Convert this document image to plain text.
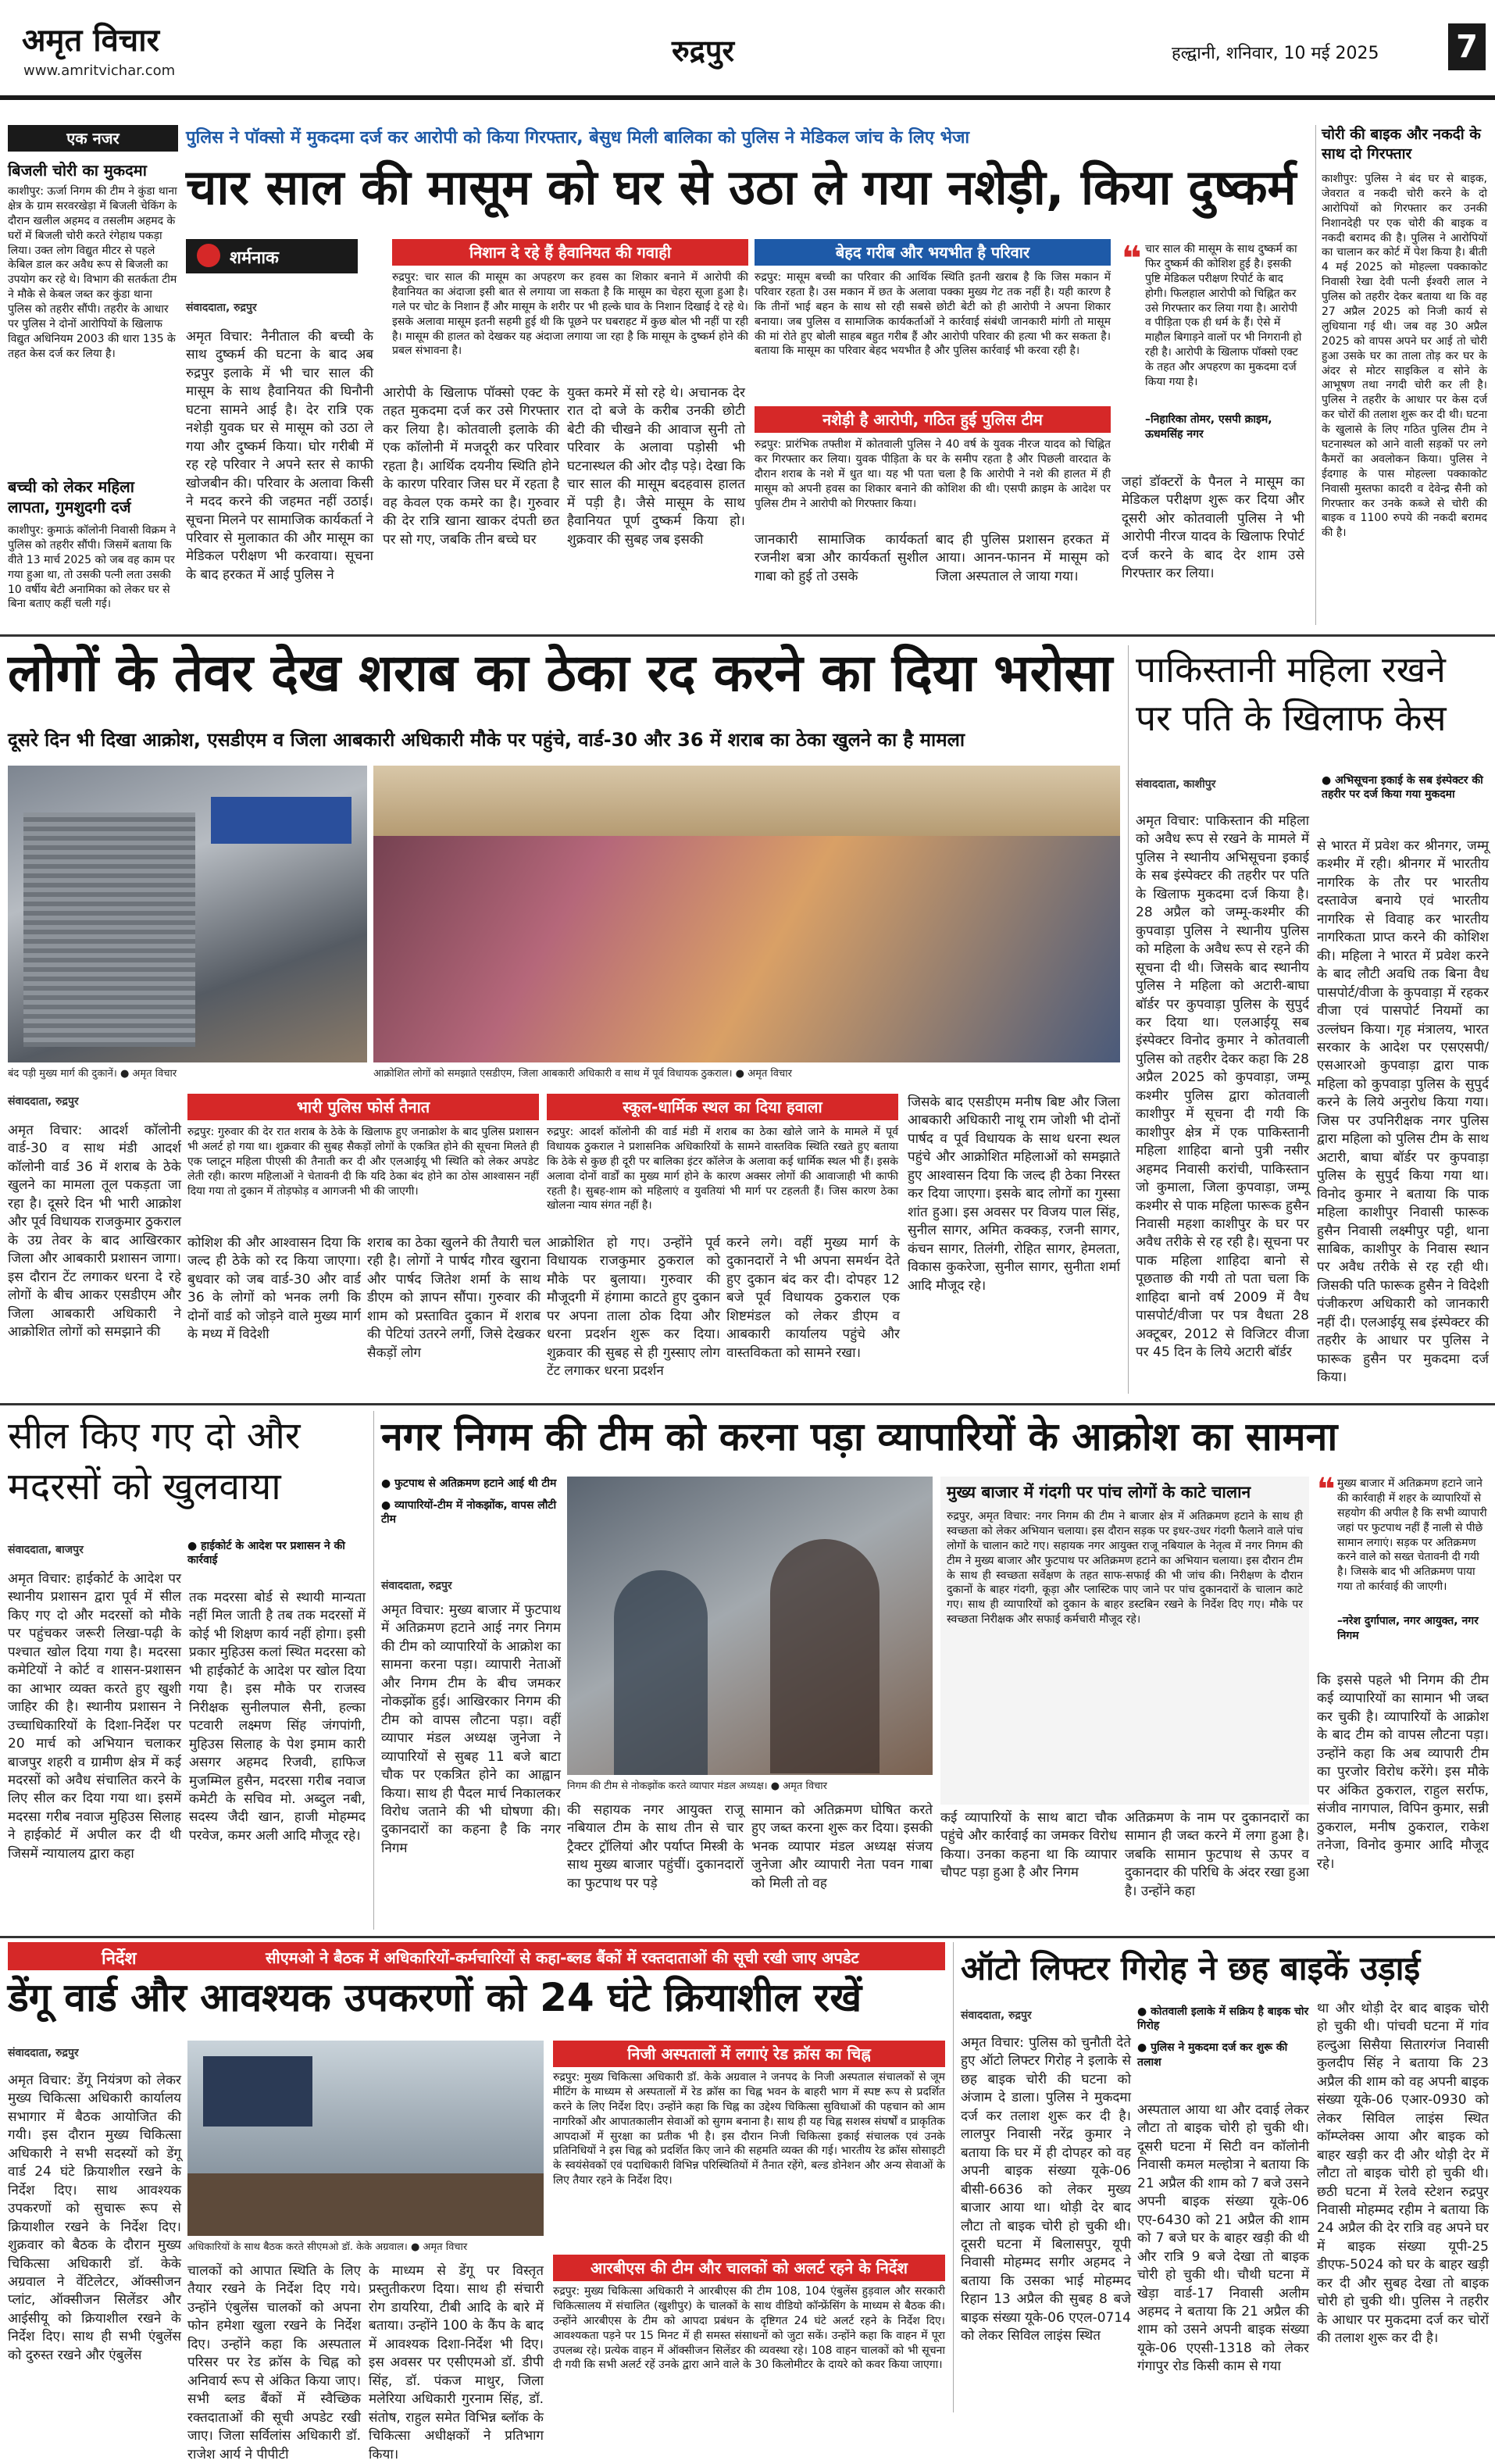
अमृत विचार
www.amritvichar.com
रुद्रपुर	हल्द्वानी, शनिवार, 10 मई 2025 7
एक नजर
बिजली चोरी का मुकदमा
काशीपुर: ऊर्जा निगम की टीम ने कुंडा थाना क्षेत्र के ग्राम सरवरखेड़ा में बिजली चेकिंग के दौरान खलील अहमद व तसलीम अहमद के घरों में बिजली चोरी करते रंगेहाथ पकड़ा लिया। उक्त लोग विद्युत मीटर से पहले केबिल डाल कर अवैध रूप से बिजली का उपयोग कर रहे थे। विभाग की सतर्कता टीम ने मौके से केबल जब्त कर कुंडा थाना पुलिस को तहरीर सौंपी। तहरीर के आधार पर पुलिस ने दोनों आरोपियों के खिलाफ विद्युत अधिनियम 2003 की धारा 135 के तहत केस दर्ज कर लिया है।
बच्ची को लेकर महिला लापता, गुमशुदगी दर्ज
काशीपुर: कुमाऊं कॉलोनी निवासी विक्रम ने पुलिस को तहरीर सौंपी। जिसमें बताया कि वीते 13 मार्च 2025 को जब वह काम पर गया हुआ था, तो उसकी पत्नी लता उसकी 10 वर्षीय बेटी अनामिका को लेकर घर से बिना बताए कहीं चली गई।
पुलिस ने पॉक्सो में मुकदमा दर्ज कर आरोपी को किया गिरफ्तार, बेसुध मिली बालिका को पुलिस ने मेडिकल जांच के लिए भेजा
चार साल की मासूम को घर से उठा ले गया नशेड़ी, किया दुष्कर्म
शर्मनाक
संवाददाता, रुद्रपुर
निशान दे रहे हैं हैवानियत की गवाही
रुद्रपुर: चार साल की मासूम का अपहरण कर हवस का शिकार बनाने में आरोपी की हैवानियत का अंदाजा इसी बात से लगाया जा सकता है कि मासूम का चेहरा सूजा हुआ है। गले पर चोट के निशान हैं और मासूम के शरीर पर भी हल्के घाव के निशान दिखाई दे रहे थे। इसके अलावा मासूम इतनी सहमी हुई थी कि पूछने पर घबराहट में कुछ बोल भी नहीं पा रही है। मासूम की हालत को देखकर यह अंदाजा लगाया जा रहा है कि मासूम के दुष्कर्म होने की प्रबल संभावना है।
बेहद गरीब और भयभीत है परिवार
रुद्रपुर: मासूम बच्ची का परिवार की आर्थिक स्थिति इतनी खराब है कि जिस मकान में परिवार रहता है। उस मकान में छत के अलावा पक्का मुख्य गेट तक नहीं है। यही कारण है कि तीनों भाई बहन के साथ सो रही सबसे छोटी बेटी को ही आरोपी ने अपना शिकार बनाया। जब पुलिस व सामाजिक कार्यकर्ताओं ने कार्रवाई संबंधी जानकारी मांगी तो मासूम की मां रोते हुए बोली साहब बहुत गरीब हैं और आरोपी परिवार की हत्या भी कर सकता है। बताया कि मासूम का परिवार बेहद भयभीत है और पुलिस कार्रवाई भी करवा रही है।
नशेड़ी है आरोपी, गठित हुई पुलिस टीम
रुद्रपुर: प्रारंभिक तफ्तीश में कोतवाली पुलिस ने 40 वर्ष के युवक नीरज यादव को चिह्नित कर गिरफ्तार कर लिया। युवक पीड़िता के घर के समीप रहता है और पिछली वारदात के दौरान शराब के नशे में धुत था। यह भी पता चला है कि आरोपी ने नशे की हालत में ही मासूम को अपनी हवस का शिकार बनाने की कोशिश की थी। एसपी क्राइम के आदेश पर पुलिस टीम ने आरोपी को गिरफ्तार किया।
अमृत विचार: नैनीताल की बच्ची के साथ दुष्कर्म की घटना के बाद अब रुद्रपुर इलाके में भी चार साल की मासूम के साथ हैवानियत की घिनौनी घटना सामने आई है। देर रात्रि एक नशेड़ी युवक घर से मासूम को उठा ले गया और दुष्कर्म किया। घोर गरीबी में रह रहे परिवार ने अपने स्तर से काफी खोजबीन की। परिवार के अलावा किसी ने मदद करने की जहमत नहीं उठाई। सूचना मिलने पर सामाजिक कार्यकर्ता ने परिवार से मुलाकात की और मासूम का मेडिकल परीक्षण भी करवाया। सूचना के बाद हरकत में आई पुलिस ने
आरोपी के खिलाफ पॉक्सो एक्ट के तहत मुकदमा दर्ज कर उसे गिरफ्तार कर लिया है। कोतवाली इलाके की एक कॉलोनी में मजदूरी कर परिवार रहता है। आर्थिक दयनीय स्थिति होने के कारण परिवार जिस घर में रहता है वह केवल एक कमरे का है। गुरुवार की देर रात्रि खाना खाकर दंपती छत पर सो गए, जबकि तीन बच्चे घर
युक्त कमरे में सो रहे थे। अचानक देर रात दो बजे के करीब उनकी छोटी बेटी की चीखने की आवाज सुनी तो परिवार के अलावा पड़ोसी भी घटनास्थल की ओर दौड़ पड़े। देखा कि चार साल की मासूम बदहवास हालत में पड़ी है। जैसे मासूम के साथ हैवानियत पूर्ण दुष्कर्म किया हो। शुक्रवार की सुबह जब इसकी	जानकारी सामाजिक कार्यकर्ता रजनीश बत्रा और कार्यकर्ता सुशील गाबा को हुई तो उसके
बाद ही पुलिस प्रशासन हरकत में आया। आनन-फानन में मासूम को जिला अस्पताल ले जाया गया।
❝ चार साल की मासूम के साथ दुष्कर्म का फिर दुष्कर्म की कोशिश हुई है। इसकी पुष्टि मेडिकल परीक्षण रिपोर्ट के बाद होगी। फिलहाल आरोपी को चिह्नित कर उसे गिरफ्तार कर लिया गया है। आरोपी व पीड़िता एक ही धर्म के हैं। ऐसे में माहौल बिगाड़ने वालों पर भी निगरानी हो रही है। आरोपी के खिलाफ पॉक्सो एक्ट के तहत और अपहरण का मुकदमा दर्ज किया गया है।
–निहारिका तोमर, एसपी क्राइम, ऊधमसिंह नगर
जहां डॉक्टरों के पैनल ने मासूम का मेडिकल परीक्षण शुरू कर दिया और दूसरी ओर कोतवाली पुलिस ने भी आरोपी नीरज यादव के खिलाफ रिपोर्ट दर्ज करने के बाद देर शाम उसे गिरफ्तार कर लिया।
चोरी की बाइक और नकदी के साथ दो गिरफ्तार
काशीपुर: पुलिस ने बंद घर से बाइक, जेवरात व नकदी चोरी करने के दो आरोपियों को गिरफ्तार कर उनकी निशानदेही पर एक चोरी की बाइक व नकदी बरामद की है। पुलिस ने आरोपियों का चालान कर कोर्ट में पेश किया है। बीती 4 मई 2025 को मोहल्ला पक्काकोट निवासी रेखा देवी पत्नी ईश्वरी लाल ने पुलिस को तहरीर देकर बताया था कि वह 27 अप्रैल 2025 को निजी कार्य से लुधियाना गई थी। जब वह 30 अप्रैल 2025 को वापस अपने घर आई तो चोरी हुआ उसके घर का ताला तोड़ कर घर के अंदर से मोटर साइकिल व सोने के आभूषण तथा नगदी चोरी कर ली है। पुलिस ने तहरीर के आधार पर केस दर्ज कर चोरों की तलाश शुरू कर दी थी। घटना के खुलासे के लिए गठित पुलिस टीम ने घटनास्थल को आने वाली सड़कों पर लगे कैमरों का अवलोकन किया। पुलिस ने ईदगाह के पास मोहल्ला पक्काकोट निवासी मुस्तफा कादरी व देवेन्द्र सैनी को गिरफ्तार कर उनके कब्जे से चोरी की बाइक व 1100 रुपये की नकदी बरामद की है।
लोगों के तेवर देख शराब का ठेका रद करने का दिया भरोसा
दूसरे दिन भी दिखा आक्रोश, एसडीएम व जिला आबकारी अधिकारी मौके पर पहुंचे, वार्ड-30 और 36 में शराब का ठेका खुलने का है मामला
बंद पड़ी मुख्य मार्ग की दुकानें। ● अमृत विचार	आक्रोशित लोगों को समझाते एसडीएम, जिला आबकारी अधिकारी व साथ में पूर्व विधायक ठुकराल। ● अमृत विचार
संवाददाता, रुद्रपुर	भारी पुलिस फोर्स तैनात
रुद्रपुर: गुरुवार की देर रात शराब के ठेके के खिलाफ हुए जनाक्रोश के बाद पुलिस प्रशासन भी अलर्ट हो गया था। शुक्रवार की सुबह सैकड़ों लोगों के एकत्रित होने की सूचना मिलते ही एक प्लाटून महिला पीएसी की तैनाती कर दी और एलआईयू भी स्थिति को लेकर अपडेट लेती रही। कारण महिलाओं ने चेतावनी दी कि यदि ठेका बंद होने का ठोस आश्वासन नहीं दिया गया तो दुकान में तोड़फोड़ व आगजनी भी की जाएगी।
स्कूल-धार्मिक स्थल का दिया हवाला
रुद्रपुर: आदर्श कॉलोनी की वार्ड मंडी में शराब का ठेका खोले जाने के मामले में पूर्व विधायक ठुकराल ने प्रशासनिक अधिकारियों के सामने वास्तविक स्थिति रखते हुए बताया कि ठेके से कुछ ही दूरी पर बालिका इंटर कॉलेज के अलावा कई धार्मिक स्थल भी हैं। इसके अलावा दोनों वार्डों का मुख्य मार्ग होने के कारण अक्सर लोगों की आवाजाही भी काफी रहती है। सुबह-शाम को महिलाएं व युवतियां भी मार्ग पर टहलती हैं। जिस कारण ठेका खोलना न्याय संगत नहीं है।
अमृत विचार: आदर्श कॉलोनी वार्ड-30 व साथ मंडी आदर्श कॉलोनी वार्ड 36 में शराब के ठेके खुलने का मामला तूल पकड़ता जा रहा है। दूसरे दिन भी भारी आक्रोश और पूर्व विधायक राजकुमार ठुकराल के उग्र तेवर के बाद आखिरकार जिला और आबकारी प्रशासन जागा। इस दौरान टेंट लगाकर धरना दे रहे लोगों के बीच आकर एसडीएम और जिला आबकारी अधिकारी ने आक्रोशित लोगों को समझाने की
कोशिश की और आश्वासन दिया कि जल्द ही ठेके को रद किया जाएगा। बुधवार को जब वार्ड-30 और वार्ड 36 के लोगों को भनक लगी कि दोनों वार्ड को जोड़ने वाले मुख्य मार्ग के मध्य में विदेशी
शराब का ठेका खुलने की तैयारी चल रही है। लोगों ने पार्षद गौरव खुराना और पार्षद जितेश शर्मा के साथ डीएम को ज्ञापन सौंपा। गुरुवार की शाम को प्रस्तावित दुकान में शराब की पेटियां उतरने लगीं, जिसे देखकर सैकड़ों लोग
आक्रोशित हो गए। उन्होंने पूर्व विधायक राजकुमार ठुकराल को मौके पर बुलाया। गुरुवार की मौजूदगी में हंगामा काटते हुए दुकान पर अपना ताला ठोक दिया और धरना प्रदर्शन शुरू कर दिया। शुक्रवार की सुबह से ही गुस्साए लोग टेंट लगाकर धरना प्रदर्शन
करने लगे। वहीं मुख्य मार्ग के दुकानदारों ने भी अपना समर्थन देते हुए दुकान बंद कर दी। दोपहर 12 बजे पूर्व विधायक ठुकराल एक शिष्टमंडल को लेकर डीएम व आबकारी कार्यालय पहुंचे और वास्तविकता को सामने रखा।
जिसके बाद एसडीएम मनीष बिष्ट और जिला आबकारी अधिकारी नाथू राम जोशी भी दोनों पार्षद व पूर्व विधायक के साथ धरना स्थल पहुंचे और आक्रोशित महिलाओं को समझाते हुए आश्वासन दिया कि जल्द ही ठेका निरस्त कर दिया जाएगा। इसके बाद लोगों का गुस्सा शांत हुआ। इस अवसर पर विजय पाल सिंह, सुनील सागर, अमित कक्कड़, रजनी सागर, कंचन सागर, तिलंगी, रोहित सागर, हेमलता, विकास कुकरेजा, सुनील सागर, सुनीता शर्मा आदि मौजूद रहे।
पाकिस्तानी महिला रखने पर पति के खिलाफ केस
संवाददाता, काशीपुर	● अभिसूचना इकाई के सब इंस्पेक्टर की तहरीर पर दर्ज किया गया मुकदमा
अमृत विचार: पाकिस्तान की महिला को अवैध रूप से रखने के मामले में पुलिस ने स्थानीय अभिसूचना इकाई के सब इंस्पेक्टर की तहरीर पर पति के खिलाफ मुकदमा दर्ज किया है। 28 अप्रैल को जम्मू-कश्मीर की कुपवाड़ा पुलिस ने स्थानीय पुलिस को महिला के अवैध रूप से रहने की सूचना दी थी। जिसके बाद स्थानीय पुलिस ने महिला को अटारी-बाघा बॉर्डर पर कुपवाड़ा पुलिस के सुपुर्द कर दिया था। एलआईयू सब इंस्पेक्टर विनोद कुमार ने कोतवाली पुलिस को तहरीर देकर कहा कि 28 अप्रैल 2025 को कुपवाड़ा, जम्मू कश्मीर पुलिस द्वारा कोतवाली काशीपुर में सूचना दी गयी कि काशीपुर क्षेत्र में एक पाकिस्तानी महिला शाहिदा बानो पुत्री नसीर अहमद निवासी करांची, पाकिस्तान जो कुमाला, जिला कुपवाड़ा, जम्मू कश्मीर से पाक महिला फारूक हुसैन निवासी महशा काशीपुर के घर पर अवैध तरीके से रह रही है। सूचना पर पाक महिला शाहिदा बानो से पूछताछ की गयी तो पता चला कि शाहिदा बानो वर्ष 2009 में वैध पासपोर्ट/वीजा पर पत्र वैधता 28 अक्टूबर, 2012 से विजिटर वीजा पर 45 दिन के लिये अटारी बॉर्डर
से भारत में प्रवेश कर श्रीनगर, जम्मू कश्मीर में रही। श्रीनगर में भारतीय नागरिक के तौर पर भारतीय दस्तावेज बनाये एवं भारतीय नागरिक से विवाह कर भारतीय नागरिकता प्राप्त करने की कोशिश की। महिला ने भारत में प्रवेश करने के बाद लौटी अवधि तक बिना वैध पासपोर्ट/वीजा के कुपवाड़ा में रहकर वीजा एवं पासपोर्ट नियमों का उल्लंघन किया। गृह मंत्रालय, भारत सरकार के आदेश पर एसएसपी/एसआरओ कुपवाड़ा द्वारा पाक महिला को कुपवाड़ा पुलिस के सुपुर्द करने के लिये अनुरोध किया गया। जिस पर उपनिरीक्षक नगर पुलिस द्वारा महिला को पुलिस टीम के साथ अटारी, बाघा बॉर्डर पर कुपवाड़ा पुलिस के सुपुर्द किया गया था। विनोद कुमार ने बताया कि पाक महिला काशीपुर निवासी फारूक हुसैन निवासी लक्ष्मीपुर पट्टी, थाना साबिक, काशीपुर के निवास स्थान पर अवैध तरीके से रह रही थी। जिसकी पति फारूक हुसैन ने विदेशी पंजीकरण अधिकारी को जानकारी नहीं दी। एलआईयू सब इंस्पेक्टर की तहरीर के आधार पर पुलिस ने फारूक हुसैन पर मुकदमा दर्ज किया।
सील किए गए दो और मदरसों को खुलवाया
संवाददाता, बाजपुर	● हाईकोर्ट के आदेश पर प्रशासन ने की कार्रवाई
अमृत विचार: हाईकोर्ट के आदेश पर स्थानीय प्रशासन द्वारा पूर्व में सील किए गए दो और मदरसों को मौके पर पहुंचकर जरूरी लिखा-पढ़ी के पश्चात खोल दिया गया है। मदरसा कमेटियों ने कोर्ट व शासन-प्रशासन का आभार व्यक्त करते हुए खुशी जाहिर की है। स्थानीय प्रशासन ने उच्चाधिकारियों के दिशा-निर्देश पर 20 मार्च को अभियान चलाकर बाजपुर शहरी व ग्रामीण क्षेत्र में कई मदरसों को अवैध संचालित करने के लिए सील कर दिया गया था। इसमें मदरसा गरीब नवाज मुहिउस सिलाह ने हाईकोर्ट में अपील कर दी थी जिसमें न्यायालय द्वारा कहा
तक मदरसा बोर्ड से स्थायी मान्यता नहीं मिल जाती है तब तक मदरसों में कोई भी शिक्षण कार्य नहीं होगा। इसी प्रकार मुहिउस कलां स्थित मदरसा को भी हाईकोर्ट के आदेश पर खोल दिया गया है। इस मौके पर राजस्व निरीक्षक सुनीलपाल सैनी, हल्का पटवारी लक्ष्मण सिंह जंगपांगी, मुहिउस सिलाह के पेश इमाम कारी असगर अहमद रिजवी, हाफिज मुजम्मिल हुसैन, मदरसा गरीब नवाज कमेटी के सचिव मो. अब्दुल नबी, सदस्य जैदी खान, हाजी मोहम्मद परवेज, कमर अली आदि मौजूद रहे।
नगर निगम की टीम को करना पड़ा व्यापारियों के आक्रोश का सामना
● फुटपाथ से अतिक्रमण हटाने आई थी टीम
● व्यापारियों-टीम में नोकझोंक, वापस लौटी टीम
संवाददाता, रुद्रपुर
अमृत विचार: मुख्य बाजार में फुटपाथ में अतिक्रमण हटाने आई नगर निगम की टीम को व्यापारियों के आक्रोश का सामना करना पड़ा। व्यापारी नेताओं और निगम टीम के बीच जमकर नोकझोंक हुई। आखिरकार निगम की टीम को वापस लौटना पड़ा। वहीं व्यापार मंडल अध्यक्ष जुनेजा ने व्यापारियों से सुबह 11 बजे बाटा चौक पर एकत्रित होने का आह्वान किया। साथ ही पैदल मार्च निकालकर विरोध जताने की भी घोषणा की। दुकानदारों का कहना है कि नगर निगम
निगम की टीम से नोकझोंक करते व्यापार मंडल अध्यक्ष। ● अमृत विचार
की सहायक नगर आयुक्त राजू नबियाल टीम के साथ तीन से चार ट्रैक्टर ट्रॉलियां और पर्याप्त मिस्त्री के साथ मुख्य बाजार पहुंचीं। दुकानदारों का फुटपाथ पर पड़े
सामान को अतिक्रमण घोषित करते हुए जब्त करना शुरू कर दिया। इसकी भनक व्यापार मंडल अध्यक्ष संजय जुनेजा और व्यापारी नेता पवन गाबा को मिली तो वह
मुख्य बाजार में गंदगी पर पांच लोगों के काटे चालान
रुद्रपुर, अमृत विचार: नगर निगम की टीम ने बाजार क्षेत्र में अतिक्रमण हटाने के साथ ही स्वच्छता को लेकर अभियान चलाया। इस दौरान सड़क पर इधर-उधर गंदगी फैलाने वाले पांच लोगों के चालान काटे गए। सहायक नगर आयुक्त राजू नबियाल के नेतृत्व में नगर निगम की टीम ने मुख्य बाजार और फुटपाथ पर अतिक्रमण हटाने का अभियान चलाया। इस दौरान टीम के साथ ही स्वच्छता सर्वेक्षण के तहत साफ-सफाई की भी जांच की। निरीक्षण के दौरान दुकानों के बाहर गंदगी, कूड़ा और प्लास्टिक पाए जाने पर पांच दुकानदारों के चालान काटे गए। साथ ही व्यापारियों को दुकान के बाहर डस्टबिन रखने के निर्देश दिए गए। मौके पर स्वच्छता निरीक्षक और सफाई कर्मचारी मौजूद रहे।
कई व्यापारियों के साथ बाटा चौक पहुंचे और कार्रवाई का जमकर विरोध किया। उनका कहना था कि व्यापार चौपट पड़ा हुआ है और निगम
अतिक्रमण के नाम पर दुकानदारों का सामान ही जब्त करने में लगा हुआ है। जबकि सामान फुटपाथ से ऊपर व दुकानदार की परिधि के अंदर रखा हुआ है। उन्होंने कहा
❝ मुख्य बाजार में अतिक्रमण हटाने जाने की कार्रवाही में शहर के व्यापारियों से सहयोग की अपील है कि सभी व्यापारी जहां पर फुटपाथ नहीं हैं नाली से पीछे सामान लगाएं। सड़क पर अतिक्रमण करने वाले को सख्त चेतावनी दी गयी है। जिसके बाद भी अतिक्रमण पाया गया तो कार्रवाई की जाएगी।
–नरेश दुर्गापाल, नगर आयुक्त, नगर निगम
कि इससे पहले भी निगम की टीम कई व्यापारियों का सामान भी जब्त कर चुकी है। व्यापारियों के आक्रोश के बाद टीम को वापस लौटना पड़ा। उन्होंने कहा कि अब व्यापारी टीम का पुरजोर विरोध करेंगे। इस मौके पर अंकित ठुकराल, राहुल सर्राफ, संजीव नागपाल, विपिन कुमार, सन्नी ठुकराल, मनीष ठुकराल, राकेश तनेजा, विनोद कुमार आदि मौजूद रहे।
निर्देश	सीएमओ ने बैठक में अधिकारियों-कर्मचारियों से कहा-ब्लड बैंकों में रक्तदाताओं की सूची रखी जाए अपडेट
डेंगू वार्ड और आवश्यक उपकरणों को 24 घंटे क्रियाशील रखें
संवाददाता, रुद्रपुर
अधिकारियों के साथ बैठक करते सीएमओ डॉ. केके अग्रवाल। ● अमृत विचार
अमृत विचार: डेंगू नियंत्रण को लेकर मुख्य चिकित्सा अधिकारी कार्यालय सभागार में बैठक आयोजित की गयी। इस दौरान मुख्य चिकित्सा अधिकारी ने सभी सदस्यों को डेंगू वार्ड 24 घंटे क्रियाशील रखने के निर्देश दिए। साथ आवश्यक उपकरणों को सुचारू रूप से क्रियाशील रखने के निर्देश दिए। शुक्रवार को बैठक के दौरान मुख्य चिकित्सा अधिकारी डॉ. केके अग्रवाल ने वेंटिलेटर, ऑक्सीजन प्लांट, ऑक्सीजन सिलेंडर और आईसीयू को क्रियाशील रखने के निर्देश दिए। साथ ही सभी एंबुलेंस को दुरुस्त रखने और एंबुलेंस
चालकों को आपात स्थिति के लिए तैयार रखने के निर्देश दिए गये। उन्होंने एंबुलेंस चालकों को अपना फोन हमेशा खुला रखने के निर्देश दिए। उन्होंने कहा कि अस्पताल परिसर पर रेड क्रॉस के चिह्न को अनिवार्य रूप से अंकित किया जाए। सभी ब्लड बैंकों में स्वैच्छिक रक्तदाताओं की सूची अपडेट रखी जाए। जिला सर्विलांस अधिकारी डॉ. राजेश आर्य ने पीपीटी
के माध्यम से डेंगू पर विस्तृत प्रस्तुतीकरण दिया। साथ ही संचारी रोग डायरिया, टीबी आदि के बारे में बताया। उन्होंने 100 के कैंप के बाद में आवश्यक दिशा-निर्देश भी दिए। इस अवसर पर एसीएमओ डॉ. डीपी सिंह, डॉ. पंकज माथुर, जिला मलेरिया अधिकारी गुरनाम सिंह, डॉ. संतोष, राहुल समेत विभिन्न ब्लॉक के चिकित्सा अधीक्षकों ने प्रतिभाग किया।
निजी अस्पतालों में लगाएं रेड क्रॉस का चिह्न
रुद्रपुर: मुख्य चिकित्सा अधिकारी डॉ. केके अग्रवाल ने जनपद के निजी अस्पताल संचालकों से जूम मीटिंग के माध्यम से अस्पतालों में रेड क्रॉस का चिह्न भवन के बाहरी भाग में स्पष्ट रूप से प्रदर्शित करने के लिए निर्देश दिए। उन्होंने कहा कि चिह्न का उद्देश्य चिकित्सा सुविधाओं की पहचान को आम नागरिकों और आपातकालीन सेवाओं को सुगम बनाना है। साथ ही यह चिह्न सशस्त्र संघर्षों व प्राकृतिक आपदाओं में सुरक्षा का प्रतीक भी है। इस दौरान निजी चिकित्सा इकाई संचालक एवं उनके प्रतिनिधियों ने इस चिह्न को प्रदर्शित किए जाने की सहमति व्यक्त की गई। भारतीय रेड क्रॉस सोसाइटी के स्वयंसेवकों एवं पदाधिकारी विभिन्न परिस्थितियों में तैनात रहेंगे, बल्ड डोनेशन और अन्य सेवाओं के लिए तैयार रहने के निर्देश दिए।
आरबीएस की टीम और चालकों को अलर्ट रहने के निर्देश
रुद्रपुर: मुख्य चिकित्सा अधिकारी ने आरबीएस की टीम 108, 104 एंबुलेंस हुड़वाल और सरकारी चिकित्सालय में संचालित (खुशीपुर) के चालकों के साथ वीडियो कॉन्फ्रेंसिंग के माध्यम से बैठक की। उन्होंने आरबीएस के टीम को आपदा प्रबंधन के दृष्टिगत 24 घंटे अलर्ट रहने के निर्देश दिए। आवश्यकता पड़ने पर 15 मिनट में ही समस्त संसाधनों को जुटा सकें। उन्होंने कहा कि वाहन में पूरा उपलब्ध रहे। प्रत्येक वाहन में ऑक्सीजन सिलेंडर की व्यवस्था रहे। 108 वाहन चालकों को भी सूचना दी गयी कि सभी अलर्ट रहें उनके द्वारा आने वाले के 30 किलोमीटर के दायरे को कवर किया जाएगा।
ऑटो लिफ्टर गिरोह ने छह बाइकें उड़ाई
संवाददाता, रुद्रपुर	● कोतवाली इलाके में सक्रिय है बाइक चोर गिरोह
● पुलिस ने मुकदमा दर्ज कर शुरू की तलाश
अमृत विचार: पुलिस को चुनौती देते हुए ऑटो लिफ्टर गिरोह ने इलाके से छह बाइक चोरी की घटना को अंजाम दे डाला। पुलिस ने मुकदमा दर्ज कर तलाश शुरू कर दी है। लालपुर निवासी नरेंद्र कुमार ने बताया कि घर में ही दोपहर को वह अपनी बाइक संख्या यूके-06 बीसी-6636 को लेकर मुख्य बाजार आया था। थोड़ी देर बाद लौटा तो बाइक चोरी हो चुकी थी। दूसरी घटना में बिलासपुर, यूपी निवासी मोहम्मद सगीर अहमद ने बताया कि उसका भाई मोहम्मद रिहान 13 अप्रैल की सुबह 8 बजे बाइक संख्या यूके-06 एएल-0714 को लेकर सिविल लाइंस स्थित
अस्पताल आया था और दवाई लेकर लौटा तो बाइक चोरी हो चुकी थी। दूसरी घटना में सिटी वन कॉलोनी निवासी कमल मल्होत्रा ने बताया कि 21 अप्रैल की शाम को 7 बजे उसने अपनी बाइक संख्या यूके-06 एए-6430 को 21 अप्रैल की शाम को 7 बजे घर के बाहर खड़ी की थी और रात्रि 9 बजे देखा तो बाइक चोरी हो चुकी थी। चौथी घटना में खेड़ा वार्ड-17 निवासी अलीम अहमद ने बताया कि 21 अप्रैल की शाम को उसने अपनी बाइक संख्या यूके-06 एएसी-1318 को लेकर गंगापुर रोड किसी काम से गया
था और थोड़ी देर बाद बाइक चोरी हो चुकी थी। पांचवी घटना में गांव हल्दुआ सिसैया सितारगंज निवासी कुलदीप सिंह ने बताया कि 23 अप्रैल की शाम को वह अपनी बाइक संख्या यूके-06 एआर-0930 को लेकर सिविल लाइंस स्थित कॉम्प्लेक्स आया और बाइक को बाहर खड़ी कर दी और थोड़ी देर में लौटा तो बाइक चोरी हो चुकी थी। छठी घटना में रेलवे स्टेशन रुद्रपुर निवासी मोहम्मद रहीम ने बताया कि 24 अप्रैल की देर रात्रि वह अपने घर में बाइक संख्या यूपी-25 डीएफ-5024 को घर के बाहर खड़ी कर दी और सुबह देखा तो बाइक चोरी हो चुकी थी। पुलिस ने तहरीर के आधार पर मुकदमा दर्ज कर चोरों की तलाश शुरू कर दी है।
